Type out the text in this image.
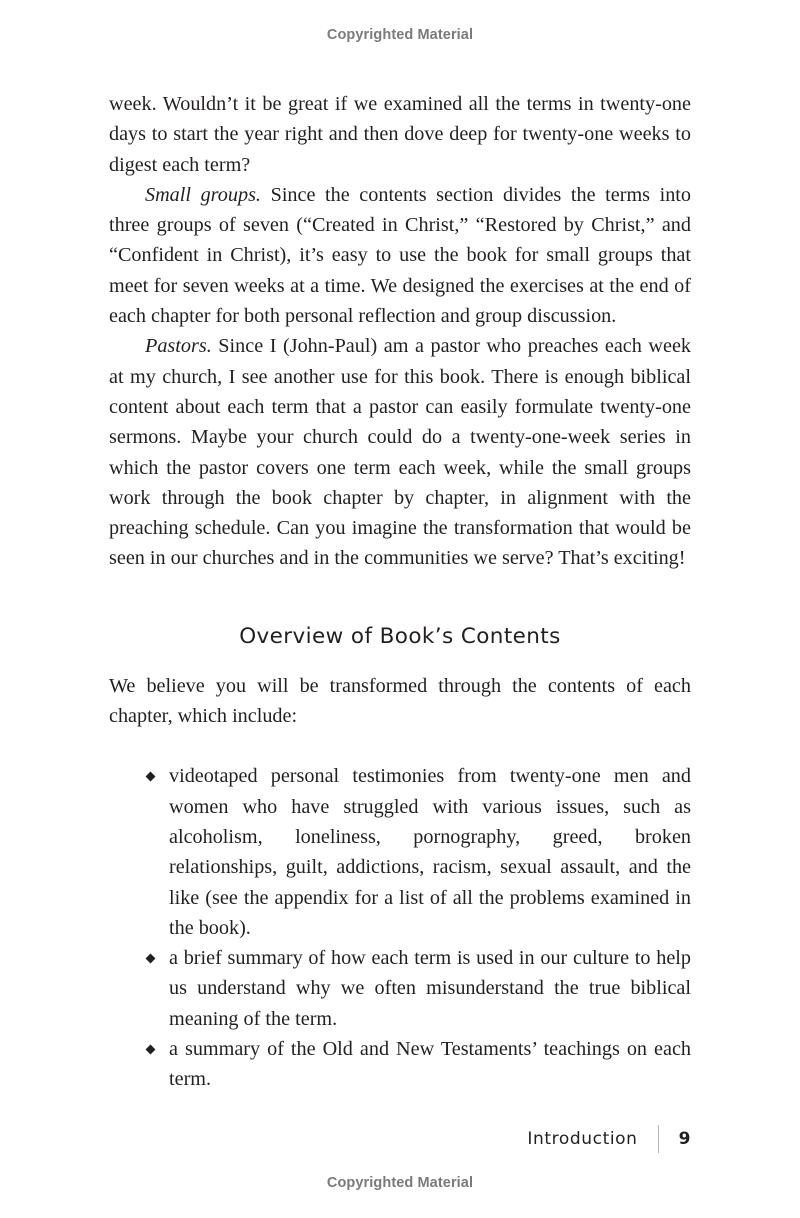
Copyrighted Material

week. Wouldn’t it be great if we examined all the terms in twenty-one days to start the year right and then dove deep for twenty-one weeks to digest each term?

Small groups. Since the contents section divides the terms into three groups of seven (“Created in Christ,” “Restored by Christ,” and “Confident in Christ), it’s easy to use the book for small groups that meet for seven weeks at a time. We designed the exercises at the end of each chapter for both personal reflection and group discussion.

Pastors. Since I (John-Paul) am a pastor who preaches each week at my church, I see another use for this book. There is enough biblical content about each term that a pastor can easily formulate twenty-one sermons. Maybe your church could do a twenty-one-week series in which the pastor covers one term each week, while the small groups work through the book chapter by chapter, in alignment with the preaching schedule. Can you imagine the transformation that would be seen in our churches and in the communities we serve? That’s exciting!

Overview of Book’s Contents

We believe you will be transformed through the contents of each chapter, which include:

videotaped personal testimonies from twenty-one men and women who have struggled with various issues, such as alcoholism, loneliness, pornography, greed, broken relationships, guilt, addictions, racism, sexual assault, and the like (see the appendix for a list of all the problems examined in the book).
a brief summary of how each term is used in our culture to help us understand why we often misunderstand the true biblical meaning of the term.
a summary of the Old and New Testaments’ teachings on each term.
Introduction 9
Copyrighted Material
